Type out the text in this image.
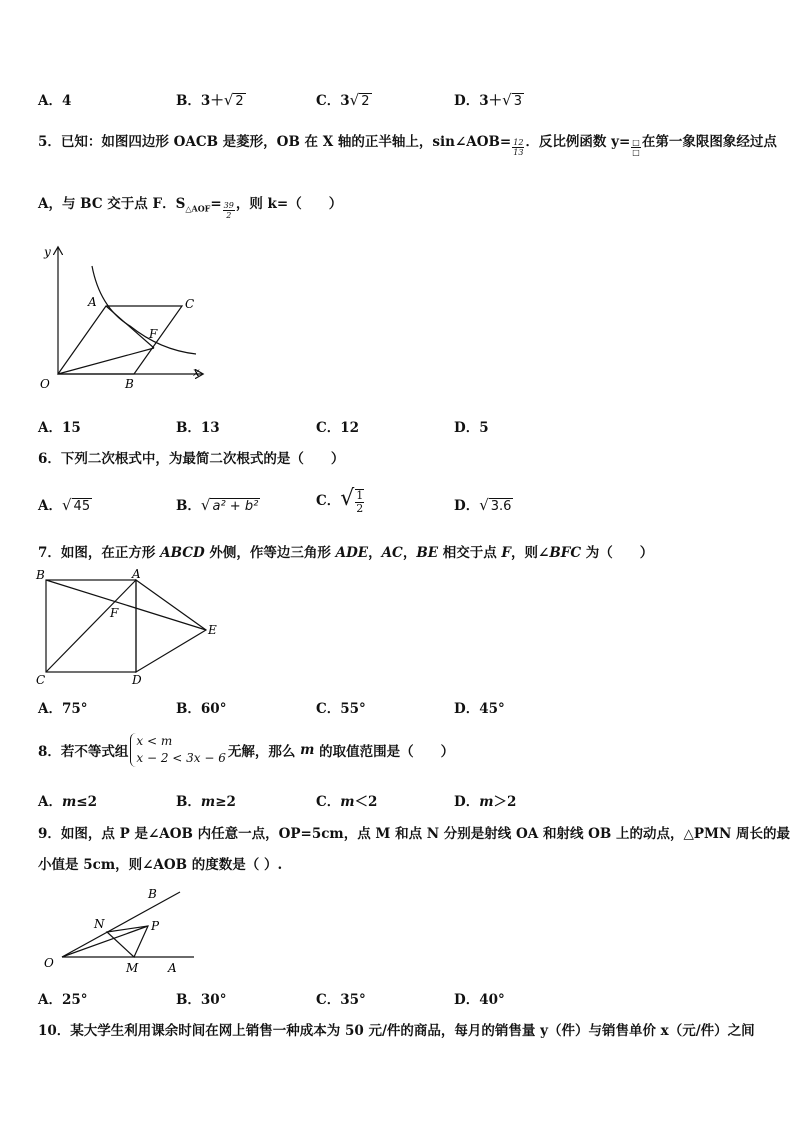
A．4	B．3＋√ 2	C．3√ 2	D．3＋√ 3
5．已知：如图四边形 OACB 是菱形，OB 在 X 轴的正半轴上，sin∠AOB= $\frac{12}{13}$ ．反比例函数 $y= \frac{□}{□}$ 在第一象限图象经过点
A，与 BC 交于点 F．$S_{\triangle AOF}= \frac{39}{2}$ ，则 k=（　　）
y
x
O
A	C
F
B
A．15	B．13	C．12	D．5
6．下列二次根式中，为最简二次根式的是（　　）
A．√ 45	B．√ a² + b²	C．√ $\frac{1}{2}$	D．√ 3.6
7．如图，在正方形 ABCD 外侧，作等边三角形 ADE，AC，BE 相交于点 F，则∠BFC 为（　　）
B	A
F
E
C	D
A．75°	B．60°	C．55°	D．45°
8．若不等式组
x < m
x − 2 < 3x − 6 无解，那么 m 的取值范围是（　　）
A．m≤2	B．m≥2	C．m＜2	D．m＞2
9．如图，点 P 是∠AOB 内任意一点，OP=5cm，点 M 和点 N 分别是射线 OA 和射线 OB 上的动点，△PMN 周长的最
小值是 5cm，则∠AOB 的度数是（ ）.
O
B
N	P
M A
A．25°	B．30°	C．35°	D．40°
10．某大学生利用课余时间在网上销售一种成本为 50 元/件的商品，每月的销售量 y（件）与销售单价 x（元/件）之间
